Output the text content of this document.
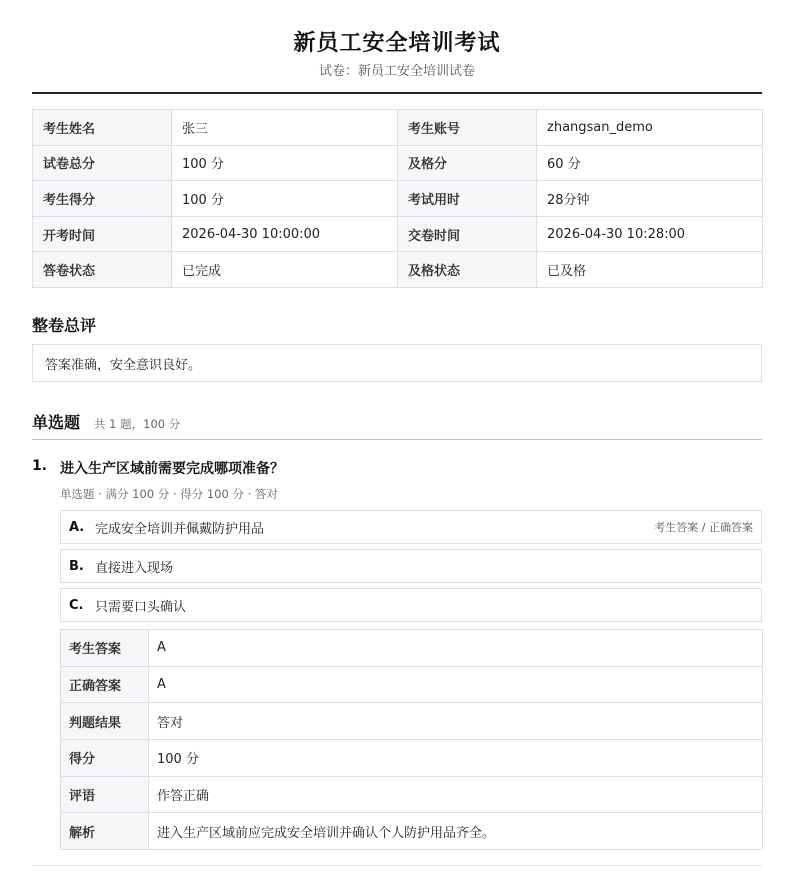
新员工安全培训考试
试卷：新员工安全培训试卷
考生姓名	张三	考生账号	zhangsan_demo
试卷总分	100 分	及格分	60 分
考生得分	100 分	考试用时	28分钟
开考时间	2026-04-30 10:00:00	交卷时间	2026-04-30 10:28:00
答卷状态	已完成	及格状态	已及格
整卷总评
答案准确，安全意识良好。
单选题 共 1 题，100 分
1. 进入生产区域前需要完成哪项准备？
单选题 · 满分 100 分 · 得分 100 分 · 答对
A. 完成安全培训并佩戴防护用品	考生答案 / 正确答案
B. 直接进入现场
C. 只需要口头确认
考生答案	A
正确答案	A
判题结果	答对
得分	100 分
评语	作答正确
解析	进入生产区域前应完成安全培训并确认个人防护用品齐全。
